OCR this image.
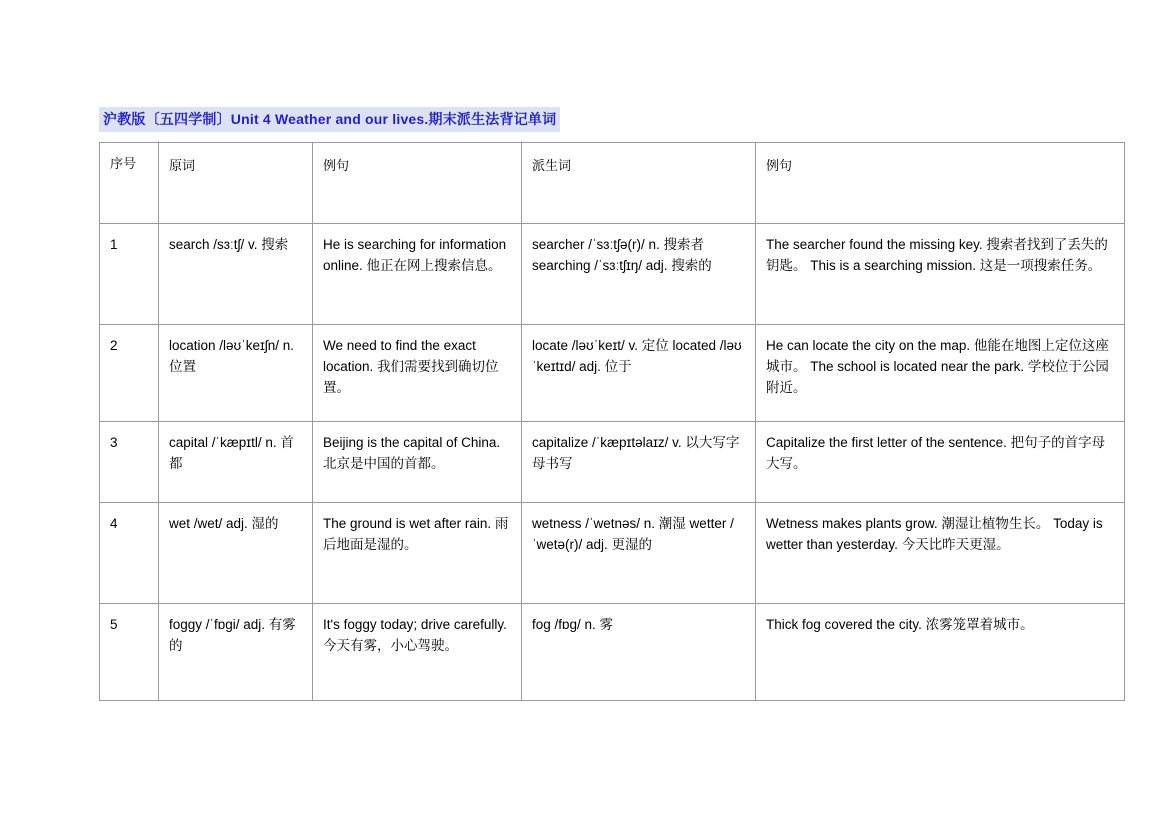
沪教版〔五四学制〕Unit 4 Weather and our lives.期末派生法背记单词
序号	原词	例句	派生词	例句
1	search /sɜːtʃ/ v. 搜索	He is searching for information online. 他正在网上搜索信息。	searcher /ˈsɜːtʃə(r)/ n. 搜索者 searching /ˈsɜːtʃɪŋ/ adj. 搜索的	The searcher found the missing key. 搜索者找到了丢失的钥匙。 This is a searching mission. 这是一项搜索任务。
2	location /ləʊˈkeɪʃn/ n. 位置	We need to find the exact location. 我们需要找到确切位置。	locate /ləʊˈkeɪt/ v. 定位 located /ləʊˈkeɪtɪd/ adj. 位于	He can locate the city on the map. 他能在地图上定位这座城市。 The school is located near the park. 学校位于公园附近。
3	capital /ˈkæpɪtl/ n. 首都	Beijing is the capital of China. 北京是中国的首都。	capitalize /ˈkæpɪtəlaɪz/ v. 以大写字母书写	Capitalize the first letter of the sentence. 把句子的首字母大写。
4	wet /wet/ adj. 湿的	The ground is wet after rain. 雨后地面是湿的。	wetness /ˈwetnəs/ n. 潮湿 wetter /ˈwetə(r)/ adj. 更湿的	Wetness makes plants grow. 潮湿让植物生长。 Today is wetter than yesterday. 今天比昨天更湿。
5	foggy /ˈfɒɡi/ adj. 有雾的	It's foggy today; drive carefully. 今天有雾，小心驾驶。	fog /fɒɡ/ n. 雾	Thick fog covered the city. 浓雾笼罩着城市。
